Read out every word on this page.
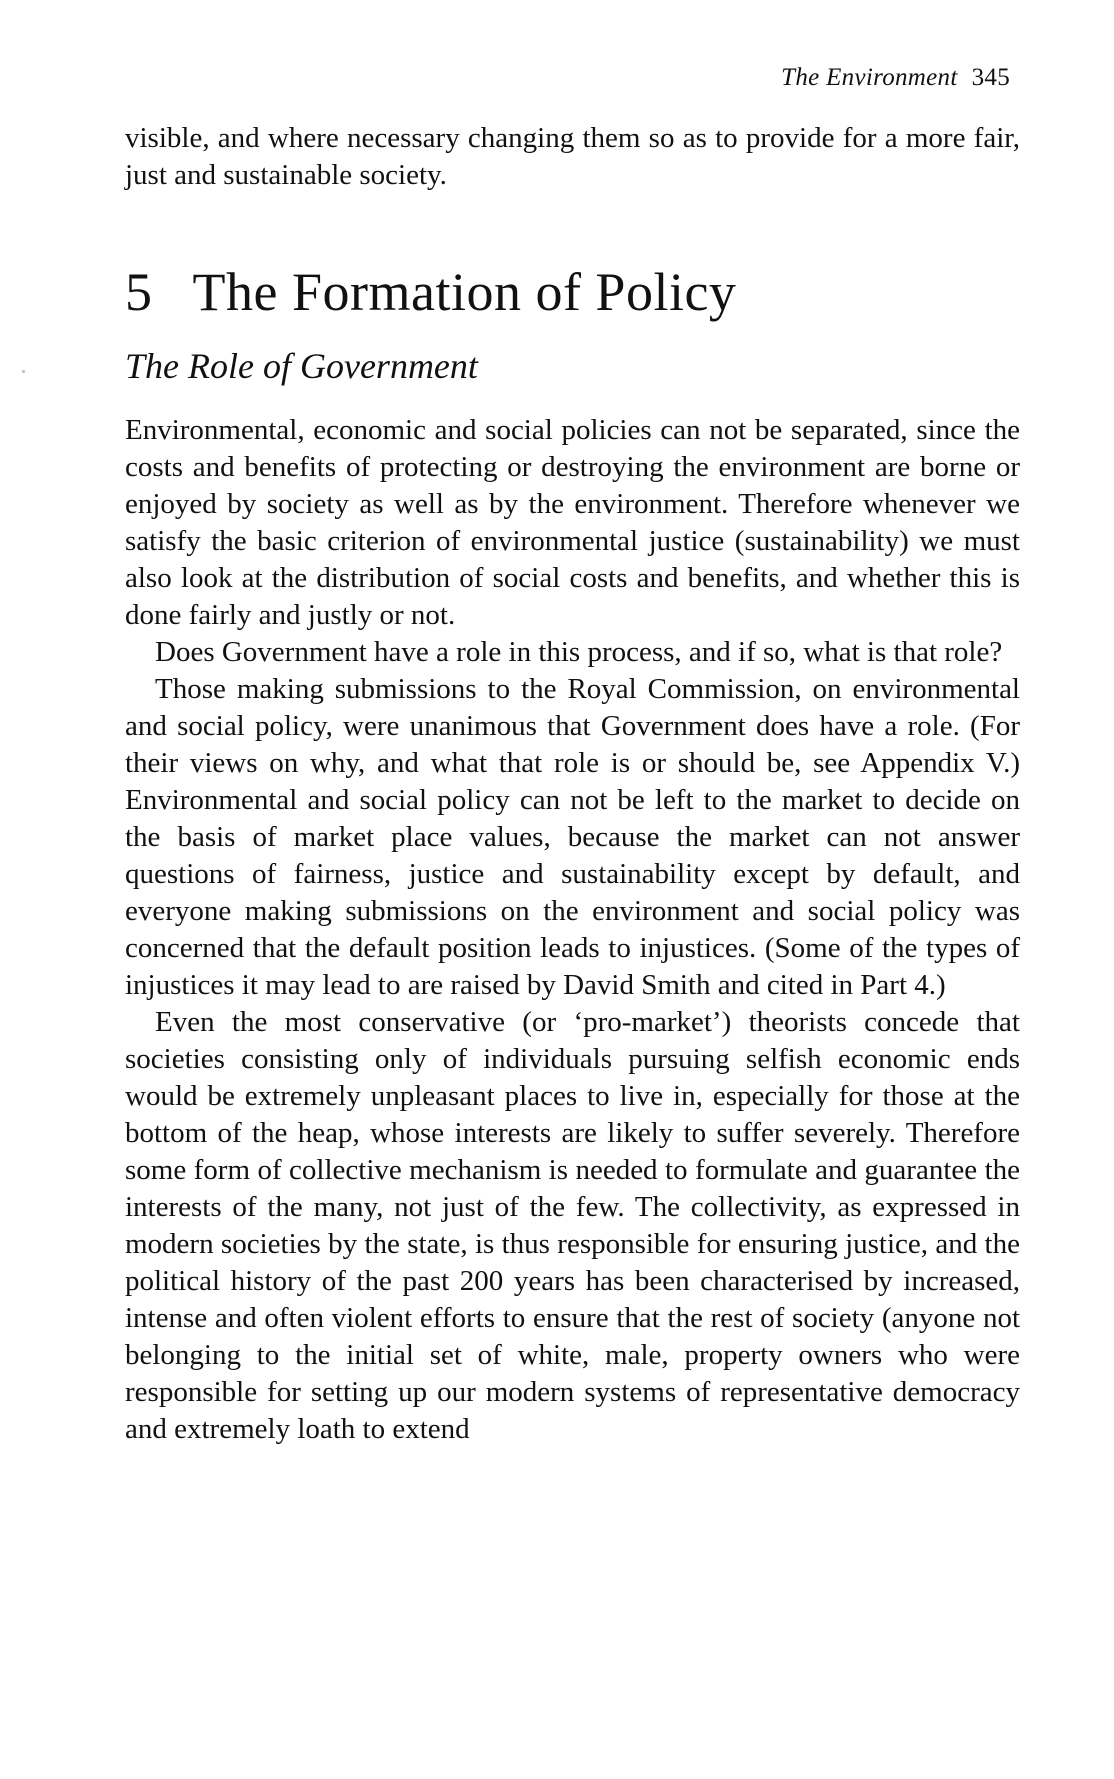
The Environment 345

visible, and where necessary changing them so as to provide for a more fair, just and sustainable society.

5 The Formation of Policy
The Role of Government

Environmental, economic and social policies can not be separated, since the costs and benefits of protecting or destroying the environment are borne or enjoyed by society as well as by the environment. Therefore whenever we satisfy the basic criterion of environmental justice (sustainability) we must also look at the distribution of social costs and benefits, and whether this is done fairly and justly or not.

Does Government have a role in this process, and if so, what is that role?

Those making submissions to the Royal Commission, on environmental and social policy, were unanimous that Government does have a role. (For their views on why, and what that role is or should be, see Appendix V.) Environmental and social policy can not be left to the market to decide on the basis of market place values, because the market can not answer questions of fairness, justice and sustainability except by default, and everyone making submissions on the environment and social policy was concerned that the default position leads to injustices. (Some of the types of injustices it may lead to are raised by David Smith and cited in Part 4.)

Even the most conservative (or ‘pro-market’) theorists concede that societies consisting only of individuals pursuing selfish economic ends would be extremely unpleasant places to live in, especially for those at the bottom of the heap, whose interests are likely to suffer severely. Therefore some form of collective mechanism is needed to formulate and guarantee the interests of the many, not just of the few. The collectivity, as expressed in modern societies by the state, is thus responsible for ensuring justice, and the political history of the past 200 years has been characterised by increased, intense and often violent efforts to ensure that the rest of society (anyone not belonging to the initial set of white, male, property owners who were responsible for setting up our modern systems of representative democracy and extremely loath to extend
